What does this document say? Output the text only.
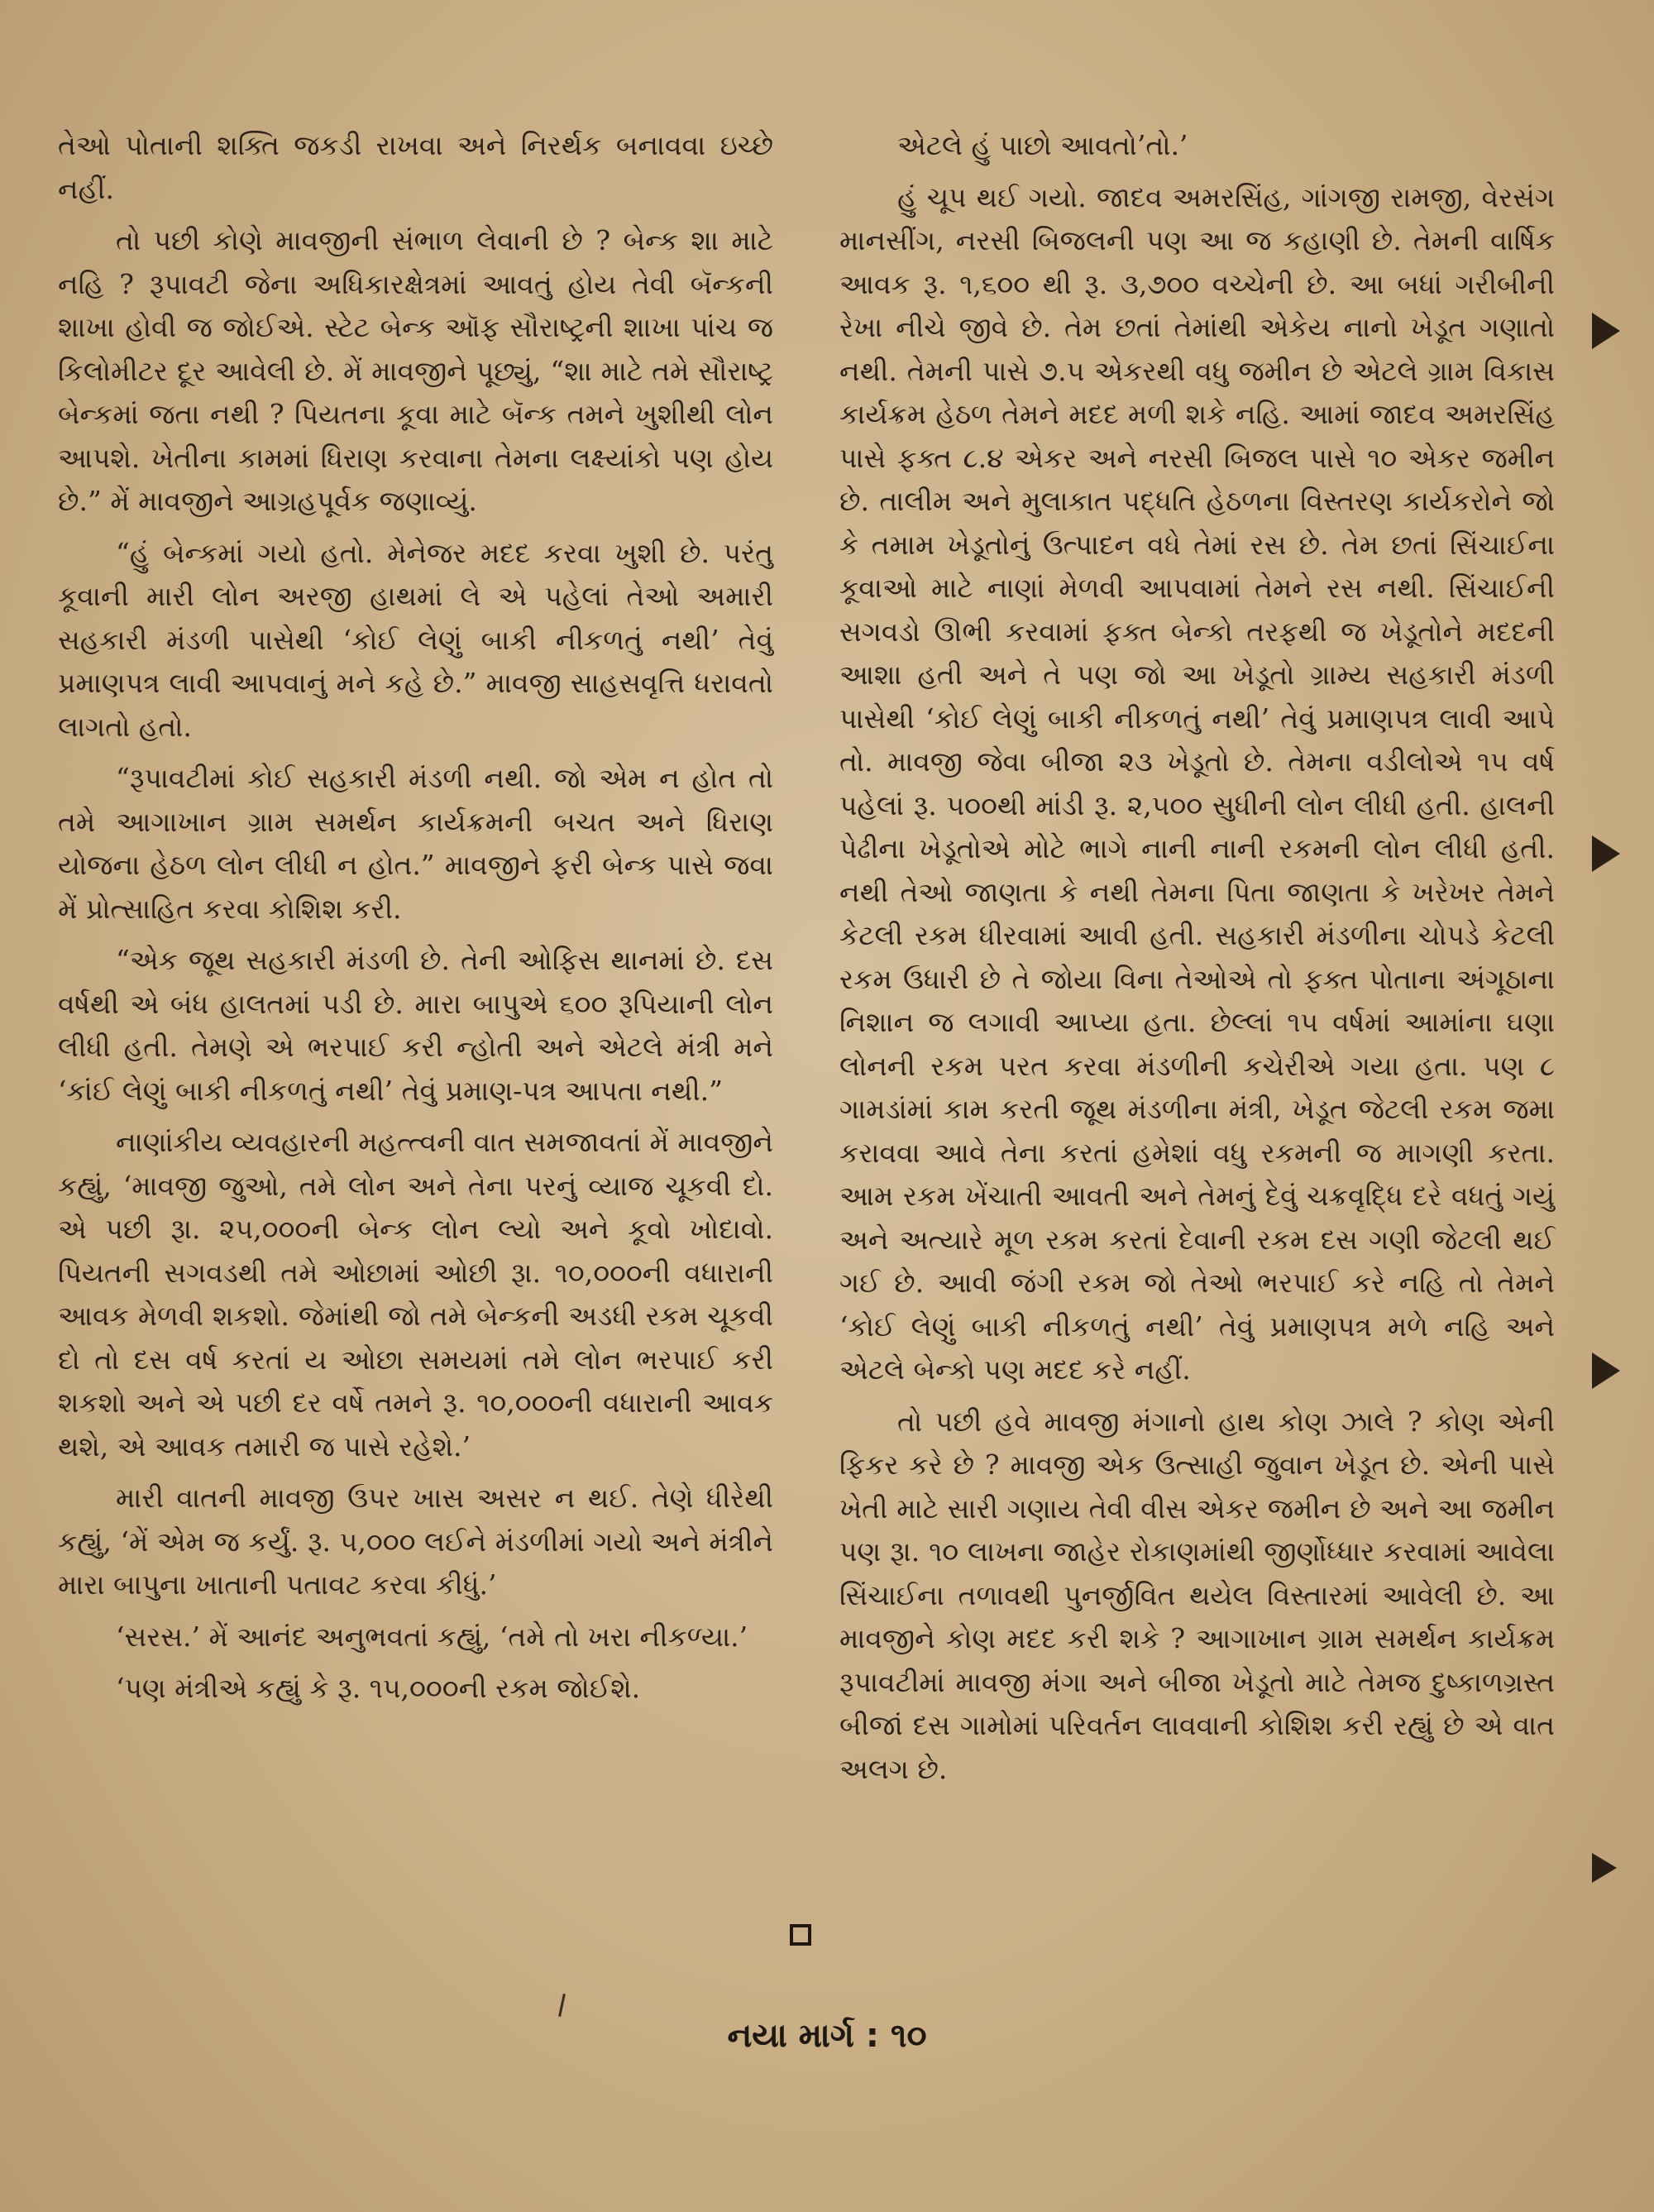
તેઓ પોતાની શક્તિ જકડી રાખવા અને નિરર્થક બનાવવા ઇચ્છે નહીં.

તો પછી કોણે માવજીની સંભાળ લેવાની છે ? બેન્ક શા માટે નહિ ? રૂપાવટી જેના અધિકારક્ષેત્રમાં આવતું હોય તેવી બૅન્કની શાખા હોવી જ જોઈએ. સ્ટેટ બેન્ક ઑફ સૌરાષ્ટ્રની શાખા પાંચ જ કિલોમીટર દૂર આવેલી છે. મેં માવજીને પૂછ્યું, “શા માટે તમે સૌરાષ્ટ્ર બેન્કમાં જતા નથી ? પિયતના કૂવા માટે બૅન્ક તમને ખુશીથી લોન આપશે. ખેતીના કામમાં ધિરાણ કરવાના તેમના લક્ષ્યાંકો પણ હોય છે.” મેં માવજીને આગ્રહપૂર્વક જણાવ્યું.

“હું બેન્કમાં ગયો હતો. મેનેજર મદદ કરવા ખુશી છે. પરંતુ કૂવાની મારી લોન અરજી હાથમાં લે એ પહેલાં તેઓ અમારી સહકારી મંડળી પાસેથી ‘કોઈ લેણું બાકી નીકળતું નથી’ તેવું પ્રમાણપત્ર લાવી આપવાનું મને કહે છે.” માવજી સાહસવૃત્તિ ધરાવતો લાગતો હતો.

“રૂપાવટીમાં કોઈ સહકારી મંડળી નથી. જો એમ ન હોત તો તમે આગાખાન ગ્રામ સમર્થન કાર્યક્રમની બચત અને ધિરાણ યોજના હેઠળ લોન લીધી ન હોત.” માવજીને ફરી બેન્ક પાસે જવા મેં પ્રોત્સાહિત કરવા કોશિશ કરી.

“એક જૂથ સહકારી મંડળી છે. તેની ઓફિસ થાનમાં છે. દસ વર્ષથી એ બંધ હાલતમાં પડી છે. મારા બાપુએ ૬૦૦ રૂપિયાની લોન લીધી હતી. તેમણે એ ભરપાઈ કરી ન્હોતી અને એટલે મંત્રી મને ‘કાંઈ લેણું બાકી નીકળતું નથી’ તેવું પ્રમાણ-પત્ર આપતા નથી.”

નાણાંકીય વ્યવહારની મહત્ત્વની વાત સમજાવતાં મેં માવજીને કહ્યું, ‘માવજી જુઓ, તમે લોન અને તેના પરનું વ્યાજ ચૂકવી દો. એ પછી રૂા. ૨૫,૦૦૦ની બેન્ક લોન લ્યો અને કૂવો ખોદાવો. પિયતની સગવડથી તમે ઓછામાં ઓછી રૂા. ૧૦,૦૦૦ની વધારાની આવક મેળવી શકશો. જેમાંથી જો તમે બેન્કની અડધી રકમ ચૂકવી દો તો દસ વર્ષ કરતાં ય ઓછા સમયમાં તમે લોન ભરપાઈ કરી શકશો અને એ પછી દર વર્ષે તમને રૂ. ૧૦,૦૦૦ની વધારાની આવક થશે, એ આવક તમારી જ પાસે રહેશે.’

મારી વાતની માવજી ઉપર ખાસ અસર ન થઈ. તેણે ધીરેથી કહ્યું, ‘મેં એમ જ કર્યું. રૂ. ૫,૦૦૦ લઈને મંડળીમાં ગયો અને મંત્રીને મારા બાપુના ખાતાની પતાવટ કરવા કીધું.’

‘સરસ.’ મેં આનંદ અનુભવતાં કહ્યું, ‘તમે તો ખરા નીકળ્યા.’

‘પણ મંત્રીએ કહ્યું કે રૂ. ૧૫,૦૦૦ની રકમ જોઈશે.

એટલે હું પાછો આવતો’તો.’

હું ચૂપ થઈ ગયો. જાદવ અમરસિંહ, ગાંગજી રામજી, વેરસંગ માનસીંગ, નરસી બિજલની પણ આ જ કહાણી છે. તેમની વાર્ષિક આવક રૂ. ૧,૬૦૦ થી રૂ. ૩,૭૦૦ વચ્ચેની છે. આ બધાં ગરીબીની રેખા નીચે જીવે છે. તેમ છતાં તેમાંથી એકેય નાનો ખેડૂત ગણાતો નથી. તેમની પાસે ૭.૫ એકરથી વધુ જમીન છે એટલે ગ્રામ વિકાસ કાર્યક્રમ હેઠળ તેમને મદદ મળી શકે નહિ. આમાં જાદવ અમરસિંહ પાસે ફક્ત ૮.૪ એકર અને નરસી બિજલ પાસે ૧૦ એકર જમીન છે. તાલીમ અને મુલાકાત પદ્ધતિ હેઠળના વિસ્તરણ કાર્યકરોને જો કે તમામ ખેડૂતોનું ઉત્પાદન વધે તેમાં રસ છે. તેમ છતાં સિંચાઈના કૂવાઓ માટે નાણાં મેળવી આપવામાં તેમને રસ નથી. સિંચાઈની સગવડો ઊભી કરવામાં ફક્ત બેન્કો તરફથી જ ખેડૂતોને મદદની આશા હતી અને તે પણ જો આ ખેડૂતો ગ્રામ્ય સહકારી મંડળી પાસેથી ‘કોઈ લેણું બાકી નીકળતું નથી’ તેવું પ્રમાણપત્ર લાવી આપે તો. માવજી જેવા બીજા ૨૩ ખેડૂતો છે. તેમના વડીલોએ ૧૫ વર્ષ પહેલાં રૂ. ૫૦૦થી માંડી રૂ. ૨,૫૦૦ સુધીની લોન લીધી હતી. હાલની પેઢીના ખેડૂતોએ મોટે ભાગે નાની નાની રકમની લોન લીધી હતી. નથી તેઓ જાણતા કે નથી તેમના પિતા જાણતા કે ખરેખર તેમને કેટલી રકમ ધીરવામાં આવી હતી. સહકારી મંડળીના ચોપડે કેટલી રકમ ઉધારી છે તે જોયા વિના તેઓએ તો ફક્ત પોતાના અંગૂઠાના નિશાન જ લગાવી આપ્યા હતા. છેલ્લાં ૧૫ વર્ષમાં આમાંના ઘણા લોનની રકમ પરત કરવા મંડળીની કચેરીએ ગયા હતા. પણ ૮ ગામડાંમાં કામ કરતી જૂથ મંડળીના મંત્રી, ખેડૂત જેટલી રકમ જમા કરાવવા આવે તેના કરતાં હમેશાં વધુ રકમની જ માગણી કરતા. આમ રકમ ખેંચાતી આવતી અને તેમનું દેવું ચક્રવૃદ્ધિ દરે વધતું ગયું અને અત્યારે મૂળ રકમ કરતાં દેવાની રકમ દસ ગણી જેટલી થઈ ગઈ છે. આવી જંગી રકમ જો તેઓ ભરપાઈ કરે નહિ તો તેમને ‘કોઈ લેણું બાકી નીકળતું નથી’ તેવું પ્રમાણપત્ર મળે નહિ અને એટલે બેન્કો પણ મદદ કરે નહીં.

તો પછી હવે માવજી મંગાનો હાથ કોણ ઝાલે ? કોણ એની ફિકર કરે છે ? માવજી એક ઉત્સાહી જુવાન ખેડૂત છે. એની પાસે ખેતી માટે સારી ગણાય તેવી વીસ એકર જમીન છે અને આ જમીન પણ રૂા. ૧૦ લાખના જાહેર રોકાણમાંથી જીર્ણોધ્ધાર કરવામાં આવેલા સિંચાઈના તળાવથી પુનર્જીવિત થયેલ વિસ્તારમાં આવેલી છે. આ માવજીને કોણ મદદ કરી શકે ? આગાખાન ગ્રામ સમર્થન કાર્યક્રમ રૂપાવટીમાં માવજી મંગા અને બીજા ખેડૂતો માટે તેમજ દુષ્કાળગ્રસ્ત બીજાં દસ ગામોમાં પરિવર્તન લાવવાની કોશિશ કરી રહ્યું છે એ વાત અલગ છે.

નયા માર્ગ : ૧૦
